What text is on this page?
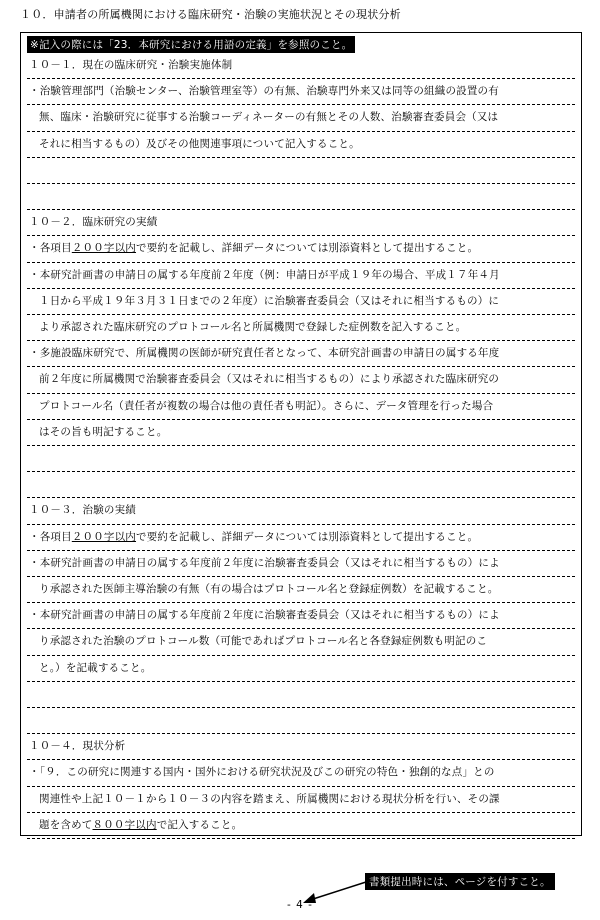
１０．申請者の所属機関における臨床研究・治験の実施状況とその現状分析
※記入の際には「23．本研究における用語の定義」を参照のこと。
１０－１．現在の臨床研究・治験実施体制
・治験管理部門（治験センター、治験管理室等）の有無、治験専門外来又は同等の組織の設置の有
無、臨床・治験研究に従事する治験コーディネーターの有無とその人数、治験審査委員会（又は
それに相当するもの）及びその他関連事項について記入すること。
１０－２．臨床研究の実績
・各項目２００字以内で要約を記載し、詳細データについては別添資料として提出すること。
・本研究計画書の申請日の属する年度前２年度（例：申請日が平成１９年の場合、平成１７年４月
１日から平成１９年３月３１日までの２年度）に治験審査委員会（又はそれに相当するもの）に
より承認された臨床研究のプロトコール名と所属機関で登録した症例数を記入すること。
・多施設臨床研究で、所属機関の医師が研究責任者となって、本研究計画書の申請日の属する年度
前２年度に所属機関で治験審査委員会（又はそれに相当するもの）により承認された臨床研究の
プロトコール名（責任者が複数の場合は他の責任者も明記）。さらに、データ管理を行った場合
はその旨も明記すること。
１０－３．治験の実績
・各項目２００字以内で要約を記載し、詳細データについては別添資料として提出すること。
・本研究計画書の申請日の属する年度前２年度に治験審査委員会（又はそれに相当するもの）によ
り承認された医師主導治験の有無（有の場合はプロトコール名と登録症例数）を記載すること。
・本研究計画書の申請日の属する年度前２年度に治験審査委員会（又はそれに相当するもの）によ
り承認された治験のプロトコール数（可能であればプロトコール名と各登録症例数も明記のこ
と。）を記載すること。
１０－４．現状分析
・「９．この研究に関連する国内・国外における研究状況及びこの研究の特色・独創的な点」との
関連性や上記１０－１から１０－３の内容を踏まえ、所属機関における現状分析を行い、その課
題を含めて８００字以内で記入すること。
書類提出時には、ページを付すこと。
- 4 -
